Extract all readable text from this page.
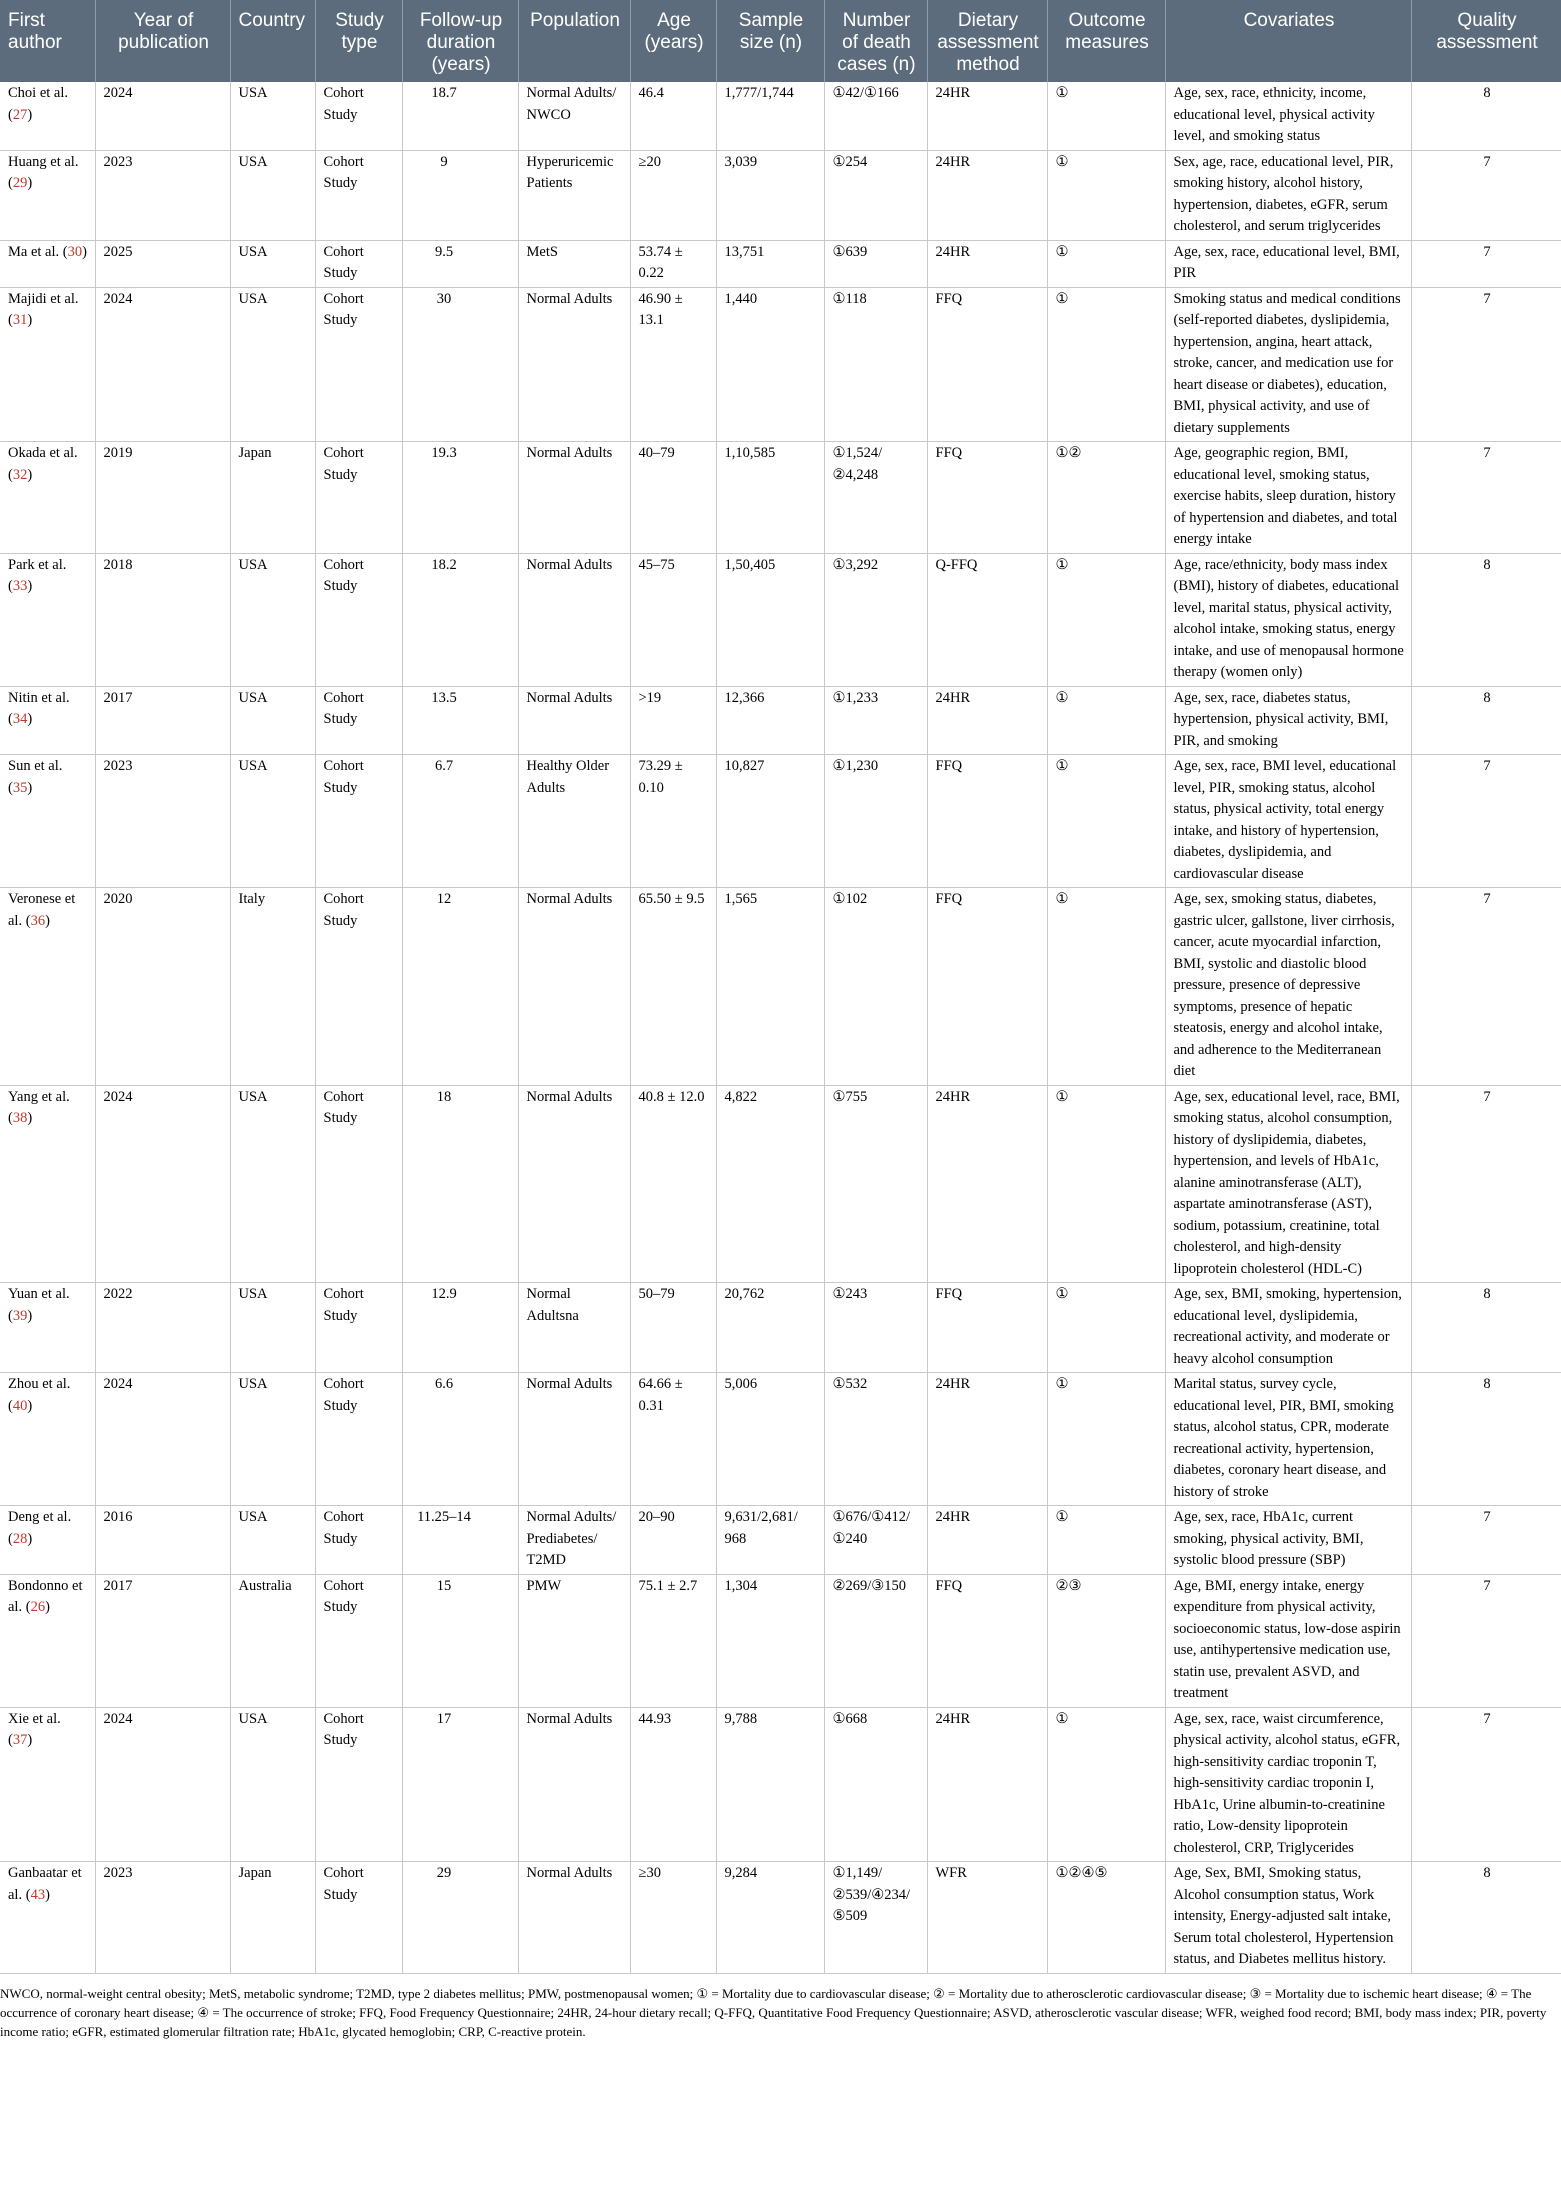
First author	Year of publication	Country	Study type	Follow-up duration (years)	Population	Age (years)	Sample size (n)	Number of death cases (n)	Dietary assessment method	Outcome measures	Covariates	Quality assessment
Choi et al. (27)	2024	USA	Cohort Study	18.7	Normal Adults/ NWCO	46.4	1,777/1,744	①42/①166	24HR	①	Age, sex, race, ethnicity, income, educational level, physical activity level, and smoking status	8
Huang et al. (29)	2023	USA	Cohort Study	9	Hyperuricemic Patients	≥20	3,039	①254	24HR	①	Sex, age, race, educational level, PIR, smoking history, alcohol history, hypertension, diabetes, eGFR, serum cholesterol, and serum triglycerides	7
Ma et al. (30)	2025	USA	Cohort Study	9.5	MetS	53.74 ± 0.22	13,751	①639	24HR	①	Age, sex, race, educational level, BMI, PIR	7
Majidi et al. (31)	2024	USA	Cohort Study	30	Normal Adults	46.90 ± 13.1	1,440	①118	FFQ	①	Smoking status and medical conditions (self-reported diabetes, dyslipidemia, hypertension, angina, heart attack, stroke, cancer, and medication use for heart disease or diabetes), education, BMI, physical activity, and use of dietary supplements	7
Okada et al. (32)	2019	Japan	Cohort Study	19.3	Normal Adults	40–79	1,10,585	①1,524/ ②4,248	FFQ	①②	Age, geographic region, BMI, educational level, smoking status, exercise habits, sleep duration, history of hypertension and diabetes, and total energy intake	7
Park et al. (33)	2018	USA	Cohort Study	18.2	Normal Adults	45–75	1,50,405	①3,292	Q-FFQ	①	Age, race/ethnicity, body mass index (BMI), history of diabetes, educational level, marital status, physical activity, alcohol intake, smoking status, energy intake, and use of menopausal hormone therapy (women only)	8
Nitin et al. (34)	2017	USA	Cohort Study	13.5	Normal Adults	>19	12,366	①1,233	24HR	①	Age, sex, race, diabetes status, hypertension, physical activity, BMI, PIR, and smoking	8
Sun et al. (35)	2023	USA	Cohort Study	6.7	Healthy Older Adults	73.29 ± 0.10	10,827	①1,230	FFQ	①	Age, sex, race, BMI level, educational level, PIR, smoking status, alcohol status, physical activity, total energy intake, and history of hypertension, diabetes, dyslipidemia, and cardiovascular disease	7
Veronese et al. (36)	2020	Italy	Cohort Study	12	Normal Adults	65.50 ± 9.5	1,565	①102	FFQ	①	Age, sex, smoking status, diabetes, gastric ulcer, gallstone, liver cirrhosis, cancer, acute myocardial infarction, BMI, systolic and diastolic blood pressure, presence of depressive symptoms, presence of hepatic steatosis, energy and alcohol intake, and adherence to the Mediterranean diet	7
Yang et al. (38)	2024	USA	Cohort Study	18	Normal Adults	40.8 ± 12.0	4,822	①755	24HR	①	Age, sex, educational level, race, BMI, smoking status, alcohol consumption, history of dyslipidemia, diabetes, hypertension, and levels of HbA1c, alanine aminotransferase (ALT), aspartate aminotransferase (AST), sodium, potassium, creatinine, total cholesterol, and high-density lipoprotein cholesterol (HDL-C)	7
Yuan et al. (39)	2022	USA	Cohort Study	12.9	Normal Adultsna	50–79	20,762	①243	FFQ	①	Age, sex, BMI, smoking, hypertension, educational level, dyslipidemia, recreational activity, and moderate or heavy alcohol consumption	8
Zhou et al. (40)	2024	USA	Cohort Study	6.6	Normal Adults	64.66 ± 0.31	5,006	①532	24HR	①	Marital status, survey cycle, educational level, PIR, BMI, smoking status, alcohol status, CPR, moderate recreational activity, hypertension, diabetes, coronary heart disease, and history of stroke	8
Deng et al. (28)	2016	USA	Cohort Study	11.25–14	Normal Adults/ Prediabetes/ T2MD	20–90	9,631/2,681/ 968	①676/①412/ ①240	24HR	①	Age, sex, race, HbA1c, current smoking, physical activity, BMI, systolic blood pressure (SBP)	7
Bondonno et al. (26)	2017	Australia	Cohort Study	15	PMW	75.1 ± 2.7	1,304	②269/③150	FFQ	②③	Age, BMI, energy intake, energy expenditure from physical activity, socioeconomic status, low-dose aspirin use, antihypertensive medication use, statin use, prevalent ASVD, and treatment	7
Xie et al. (37)	2024	USA	Cohort Study	17	Normal Adults	44.93	9,788	①668	24HR	①	Age, sex, race, waist circumference, physical activity, alcohol status, eGFR, high-sensitivity cardiac troponin T, high-sensitivity cardiac troponin I, HbA1c, Urine albumin-to-creatinine ratio, Low-density lipoprotein cholesterol, CRP, Triglycerides	7
Ganbaatar et al. (43)	2023	Japan	Cohort Study	29	Normal Adults	≥30	9,284	①1,149/ ②539/④234/ ⑤509	WFR	①②④⑤	Age, Sex, BMI, Smoking status, Alcohol consumption status, Work intensity, Energy-adjusted salt intake, Serum total cholesterol, Hypertension status, and Diabetes mellitus history.	8
NWCO, normal-weight central obesity; MetS, metabolic syndrome; T2MD, type 2 diabetes mellitus; PMW, postmenopausal women; ① = Mortality due to cardiovascular disease; ② = Mortality due to atherosclerotic cardiovascular disease; ③ = Mortality due to ischemic heart disease; ④ = The occurrence of coronary heart disease; ④ = The occurrence of stroke; FFQ, Food Frequency Questionnaire; 24HR, 24-hour dietary recall; Q-FFQ, Quantitative Food Frequency Questionnaire; ASVD, atherosclerotic vascular disease; WFR, weighed food record; BMI, body mass index; PIR, poverty income ratio; eGFR, estimated glomerular filtration rate; HbA1c, glycated hemoglobin; CRP, C-reactive protein.
